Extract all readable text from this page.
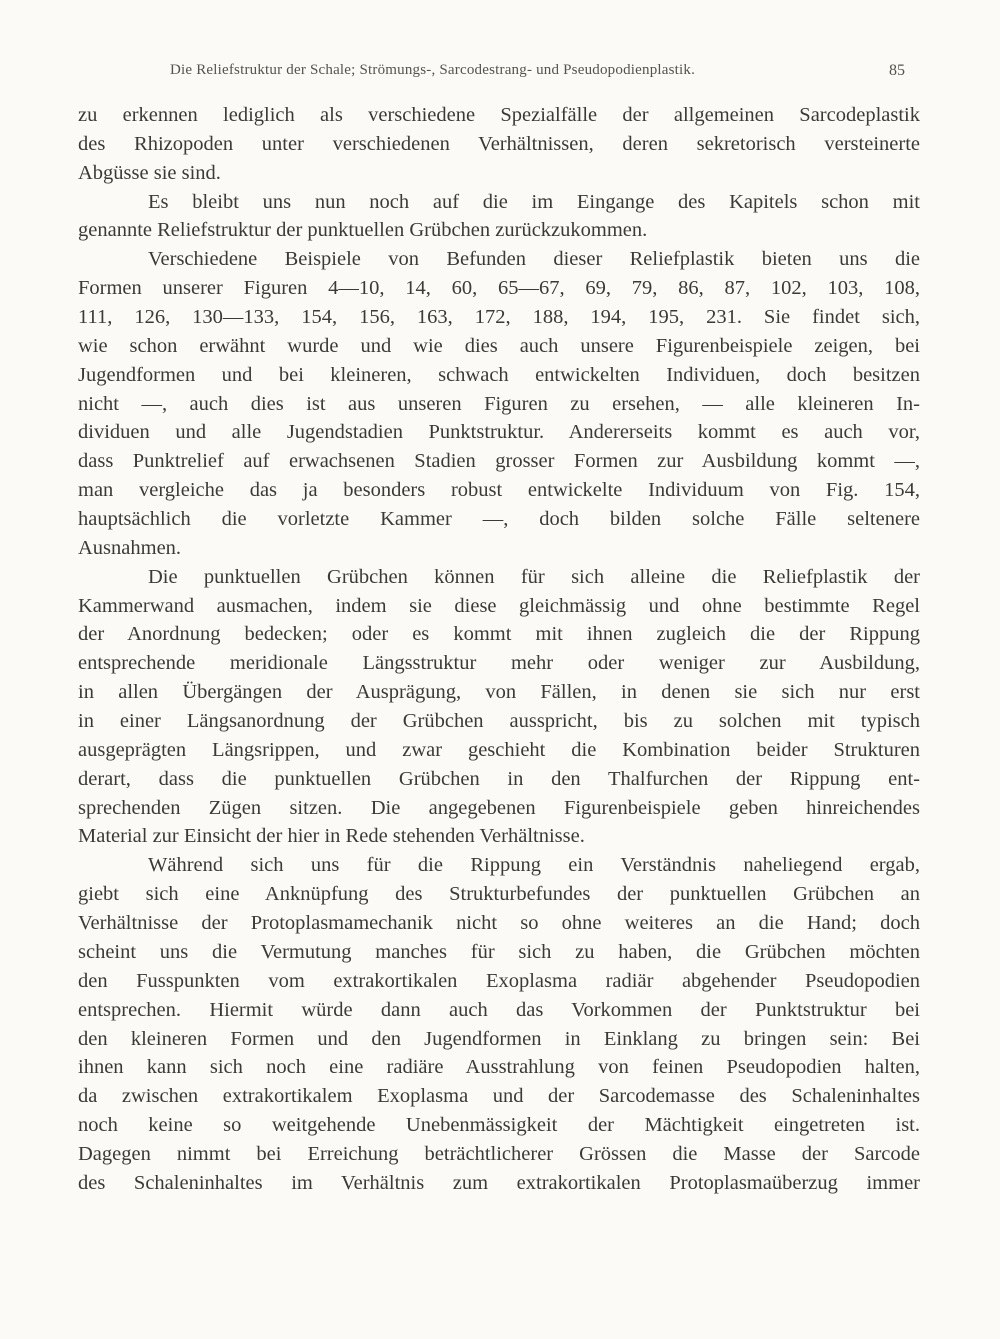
Die Reliefstruktur der Schale; Strömungs-, Sarcodestrang- und Pseudopodienplastik.	85
zu erkennen lediglich als verschiedene Spezialfälle der allgemeinen Sarcodeplastik
des Rhizopoden unter verschiedenen Verhältnissen, deren sekretorisch versteinerte
Abgüsse sie sind.
Es bleibt uns nun noch auf die im Eingange des Kapitels schon mit
genannte Reliefstruktur der punktuellen Grübchen zurückzukommen.
Verschiedene Beispiele von Befunden dieser Reliefplastik bieten uns die
Formen unserer Figuren 4—10, 14, 60, 65—67, 69, 79, 86, 87, 102, 103, 108,
111, 126, 130—133, 154, 156, 163, 172, 188, 194, 195, 231. Sie findet sich,
wie schon erwähnt wurde und wie dies auch unsere Figurenbeispiele zeigen, bei
Jugendformen und bei kleineren, schwach entwickelten Individuen, doch besitzen
nicht —, auch dies ist aus unseren Figuren zu ersehen, — alle kleineren In-
dividuen und alle Jugendstadien Punktstruktur. Andererseits kommt es auch vor,
dass Punktrelief auf erwachsenen Stadien grosser Formen zur Ausbildung kommt —,
man vergleiche das ja besonders robust entwickelte Individuum von Fig. 154,
hauptsächlich die vorletzte Kammer —, doch bilden solche Fälle seltenere
Ausnahmen.
Die punktuellen Grübchen können für sich alleine die Reliefplastik der
Kammerwand ausmachen, indem sie diese gleichmässig und ohne bestimmte Regel
der Anordnung bedecken; oder es kommt mit ihnen zugleich die der Rippung
entsprechende meridionale Längsstruktur mehr oder weniger zur Ausbildung,
in allen Übergängen der Ausprägung, von Fällen, in denen sie sich nur erst
in einer Längsanordnung der Grübchen ausspricht, bis zu solchen mit typisch
ausgeprägten Längsrippen, und zwar geschieht die Kombination beider Strukturen
derart, dass die punktuellen Grübchen in den Thalfurchen der Rippung ent-
sprechenden Zügen sitzen. Die angegebenen Figurenbeispiele geben hinreichendes
Material zur Einsicht der hier in Rede stehenden Verhältnisse.
Während sich uns für die Rippung ein Verständnis naheliegend ergab,
giebt sich eine Anknüpfung des Strukturbefundes der punktuellen Grübchen an
Verhältnisse der Protoplasmamechanik nicht so ohne weiteres an die Hand; doch
scheint uns die Vermutung manches für sich zu haben, die Grübchen möchten
den Fusspunkten vom extrakortikalen Exoplasma radiär abgehender Pseudopodien
entsprechen. Hiermit würde dann auch das Vorkommen der Punktstruktur bei
den kleineren Formen und den Jugendformen in Einklang zu bringen sein: Bei
ihnen kann sich noch eine radiäre Ausstrahlung von feinen Pseudopodien halten,
da zwischen extrakortikalem Exoplasma und der Sarcodemasse des Schaleninhaltes
noch keine so weitgehende Unebenmässigkeit der Mächtigkeit eingetreten ist.
Dagegen nimmt bei Erreichung beträchtlicherer Grössen die Masse der Sarcode
des Schaleninhaltes im Verhältnis zum extrakortikalen Protoplasmaüberzug immer
